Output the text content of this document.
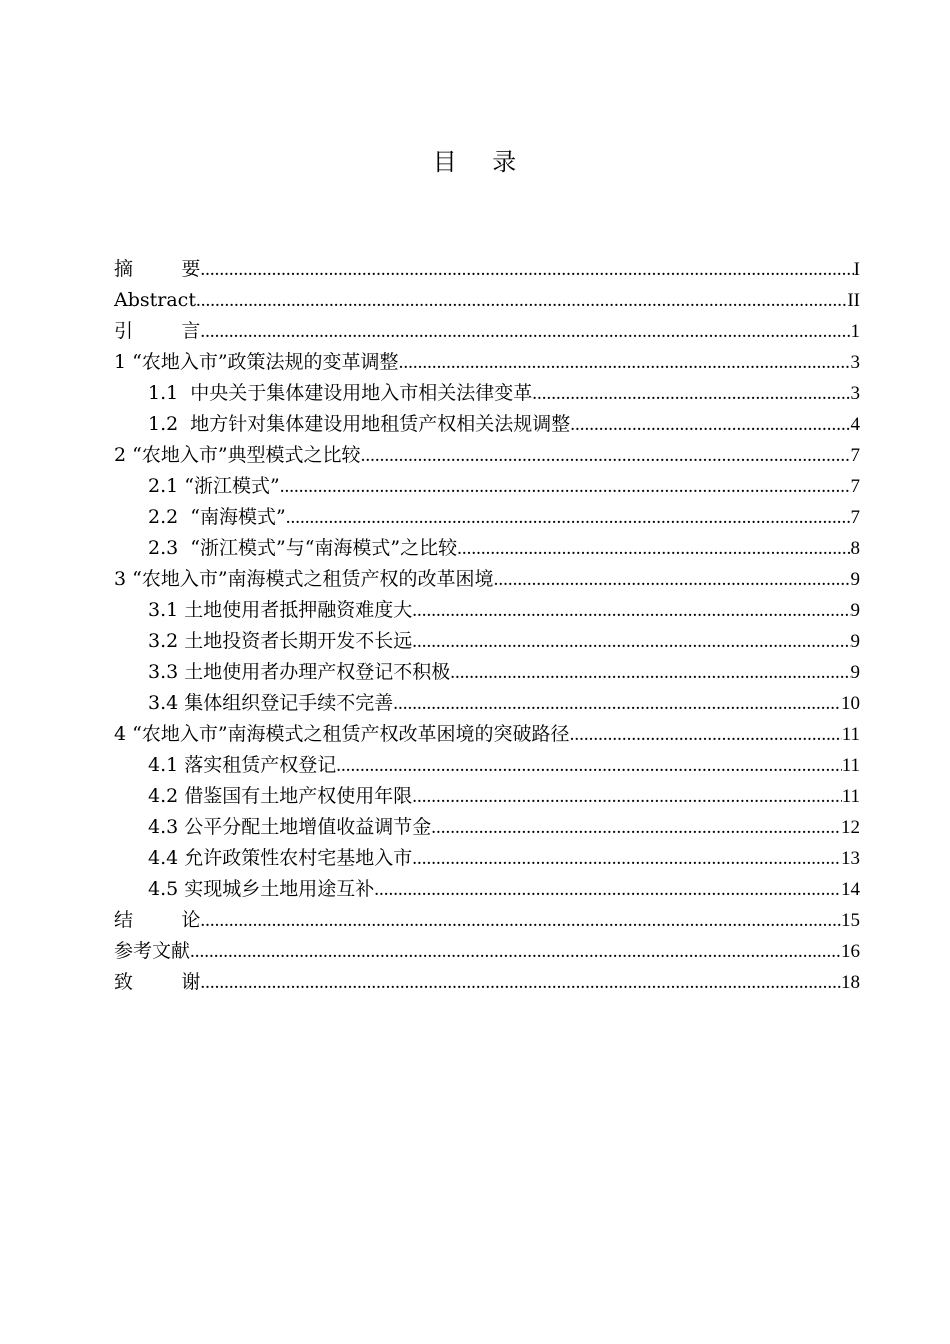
目    录
摘        要 .....	I
Abstract .....	II
引        言 .....	1
1 “农地入市”政策法规的变革调整 .....	3
1.1  中央关于集体建设用地入市相关法律变革 .....	3
1.2  地方针对集体建设用地租赁产权相关法规调整 .....	4
2 “农地入市”典型模式之比较 .....	7
2.1 “浙江模式” .....	7
2.2  “南海模式” .....	7
2.3  “浙江模式”与“南海模式”之比较 .....	8
3 “农地入市”南海模式之租赁产权的改革困境 .....	9
3.1 土地使用者抵押融资难度大 .....	9
3.2 土地投资者长期开发不长远 .....	9
3.3 土地使用者办理产权登记不积极 .....	9
3.4 集体组织登记手续不完善 .....	10
4 “农地入市”南海模式之租赁产权改革困境的突破路径 .....	11
4.1 落实租赁产权登记 .....	11
4.2 借鉴国有土地产权使用年限 .....	11
4.3 公平分配土地增值收益调节金 .....	12
4.4 允许政策性农村宅基地入市 .....	13
4.5 实现城乡土地用途互补 .....	14
结        论 .....	15
参考文献 .....	16
致        谢 .....	18
